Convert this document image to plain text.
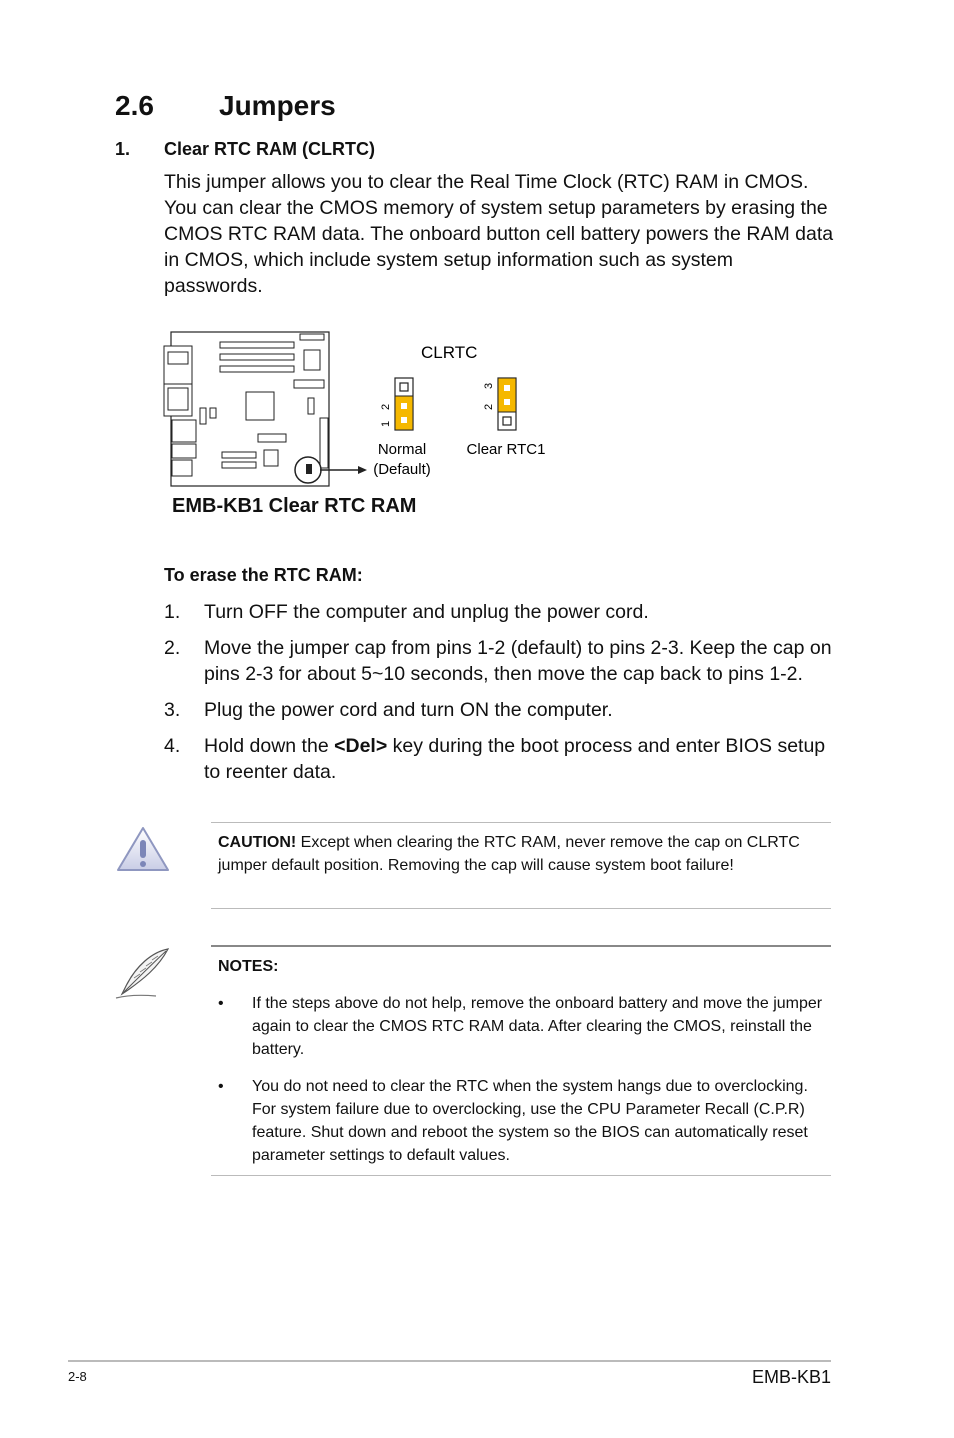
2.6 Jumpers
1. Clear RTC RAM (CLRTC)
This jumper allows you to clear the Real Time Clock (RTC) RAM in CMOS. You can clear the CMOS memory of system setup parameters by erasing the CMOS RTC RAM data. The onboard button cell battery powers the RAM data in CMOS, which include system setup information such as system passwords.
1
2	2
3
CLRTC
Normal
(Default)
Clear RTC1
EMB-KB1 Clear RTC RAM
To erase the RTC RAM:
1. Turn OFF the computer and unplug the power cord.
2. Move the jumper cap from pins 1-2 (default) to pins 2-3. Keep the cap on pins 2-3 for about 5~10 seconds, then move the cap back to pins 1-2.
3. Plug the power cord and turn ON the computer.
4. Hold down the <Del> key during the boot process and enter BIOS setup to reenter data.
CAUTION! Except when clearing the RTC RAM, never remove the cap on CLRTC jumper default position. Removing the cap will cause system boot failure!
NOTES:
• If the steps above do not help, remove the onboard battery and move the jumper again to clear the CMOS RTC RAM data. After clearing the CMOS, reinstall the battery.
• You do not need to clear the RTC when the system hangs due to overclocking. For system failure due to overclocking, use the CPU Parameter Recall (C.P.R) feature. Shut down and reboot the system so the BIOS can automatically reset parameter settings to default values.
2-8	EMB-KB1
